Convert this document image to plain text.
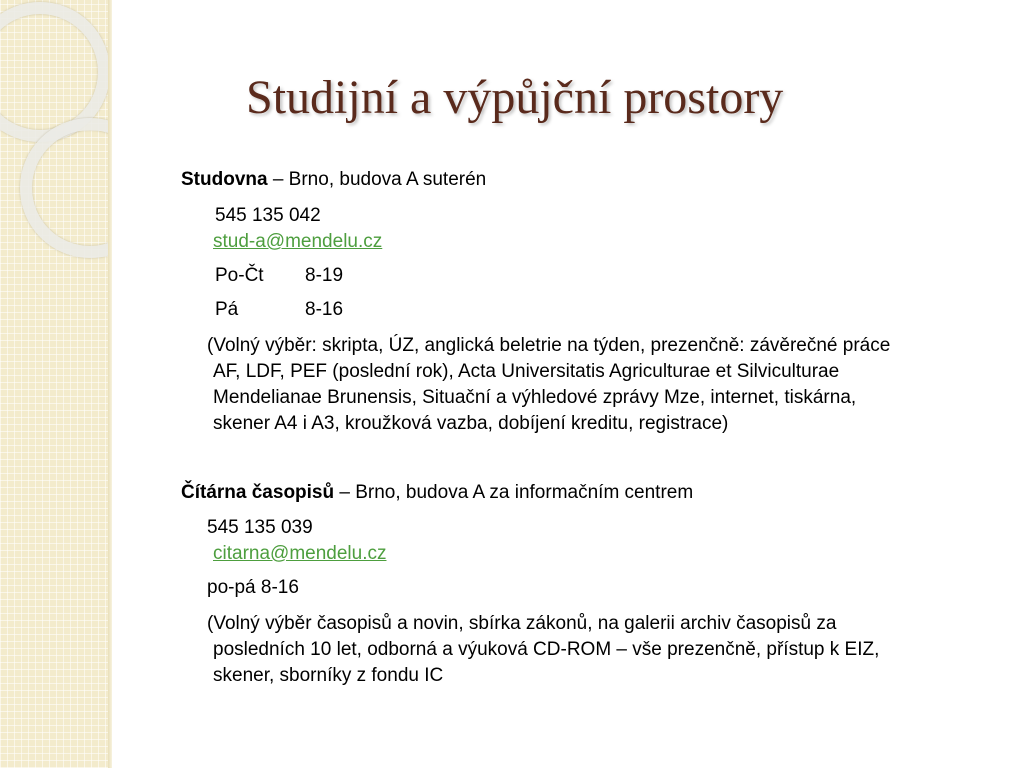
Studijní a výpůjční prostory
Studovna – Brno, budova A suterén
545 135 042
stud-a@mendelu.cz
Po-Čt 8-19
Pá	8-16
(Volný výběr: skripta, ÚZ, anglická beletrie na týden, prezenčně: závěrečné práce
AF, LDF, PEF (poslední rok), Acta Universitatis Agriculturae et Silviculturae
Mendelianae Brunensis, Situační a výhledové zprávy Mze, internet, tiskárna,
skener A4 i A3, kroužková vazba, dobíjení kreditu, registrace)
Čítárna časopisů – Brno, budova A za informačním centrem
545 135 039
citarna@mendelu.cz
po-pá 8-16
(Volný výběr časopisů a novin, sbírka zákonů, na galerii archiv časopisů za
posledních 10 let, odborná a výuková CD-ROM – vše prezenčně, přístup k EIZ,
skener, sborníky z fondu IC
